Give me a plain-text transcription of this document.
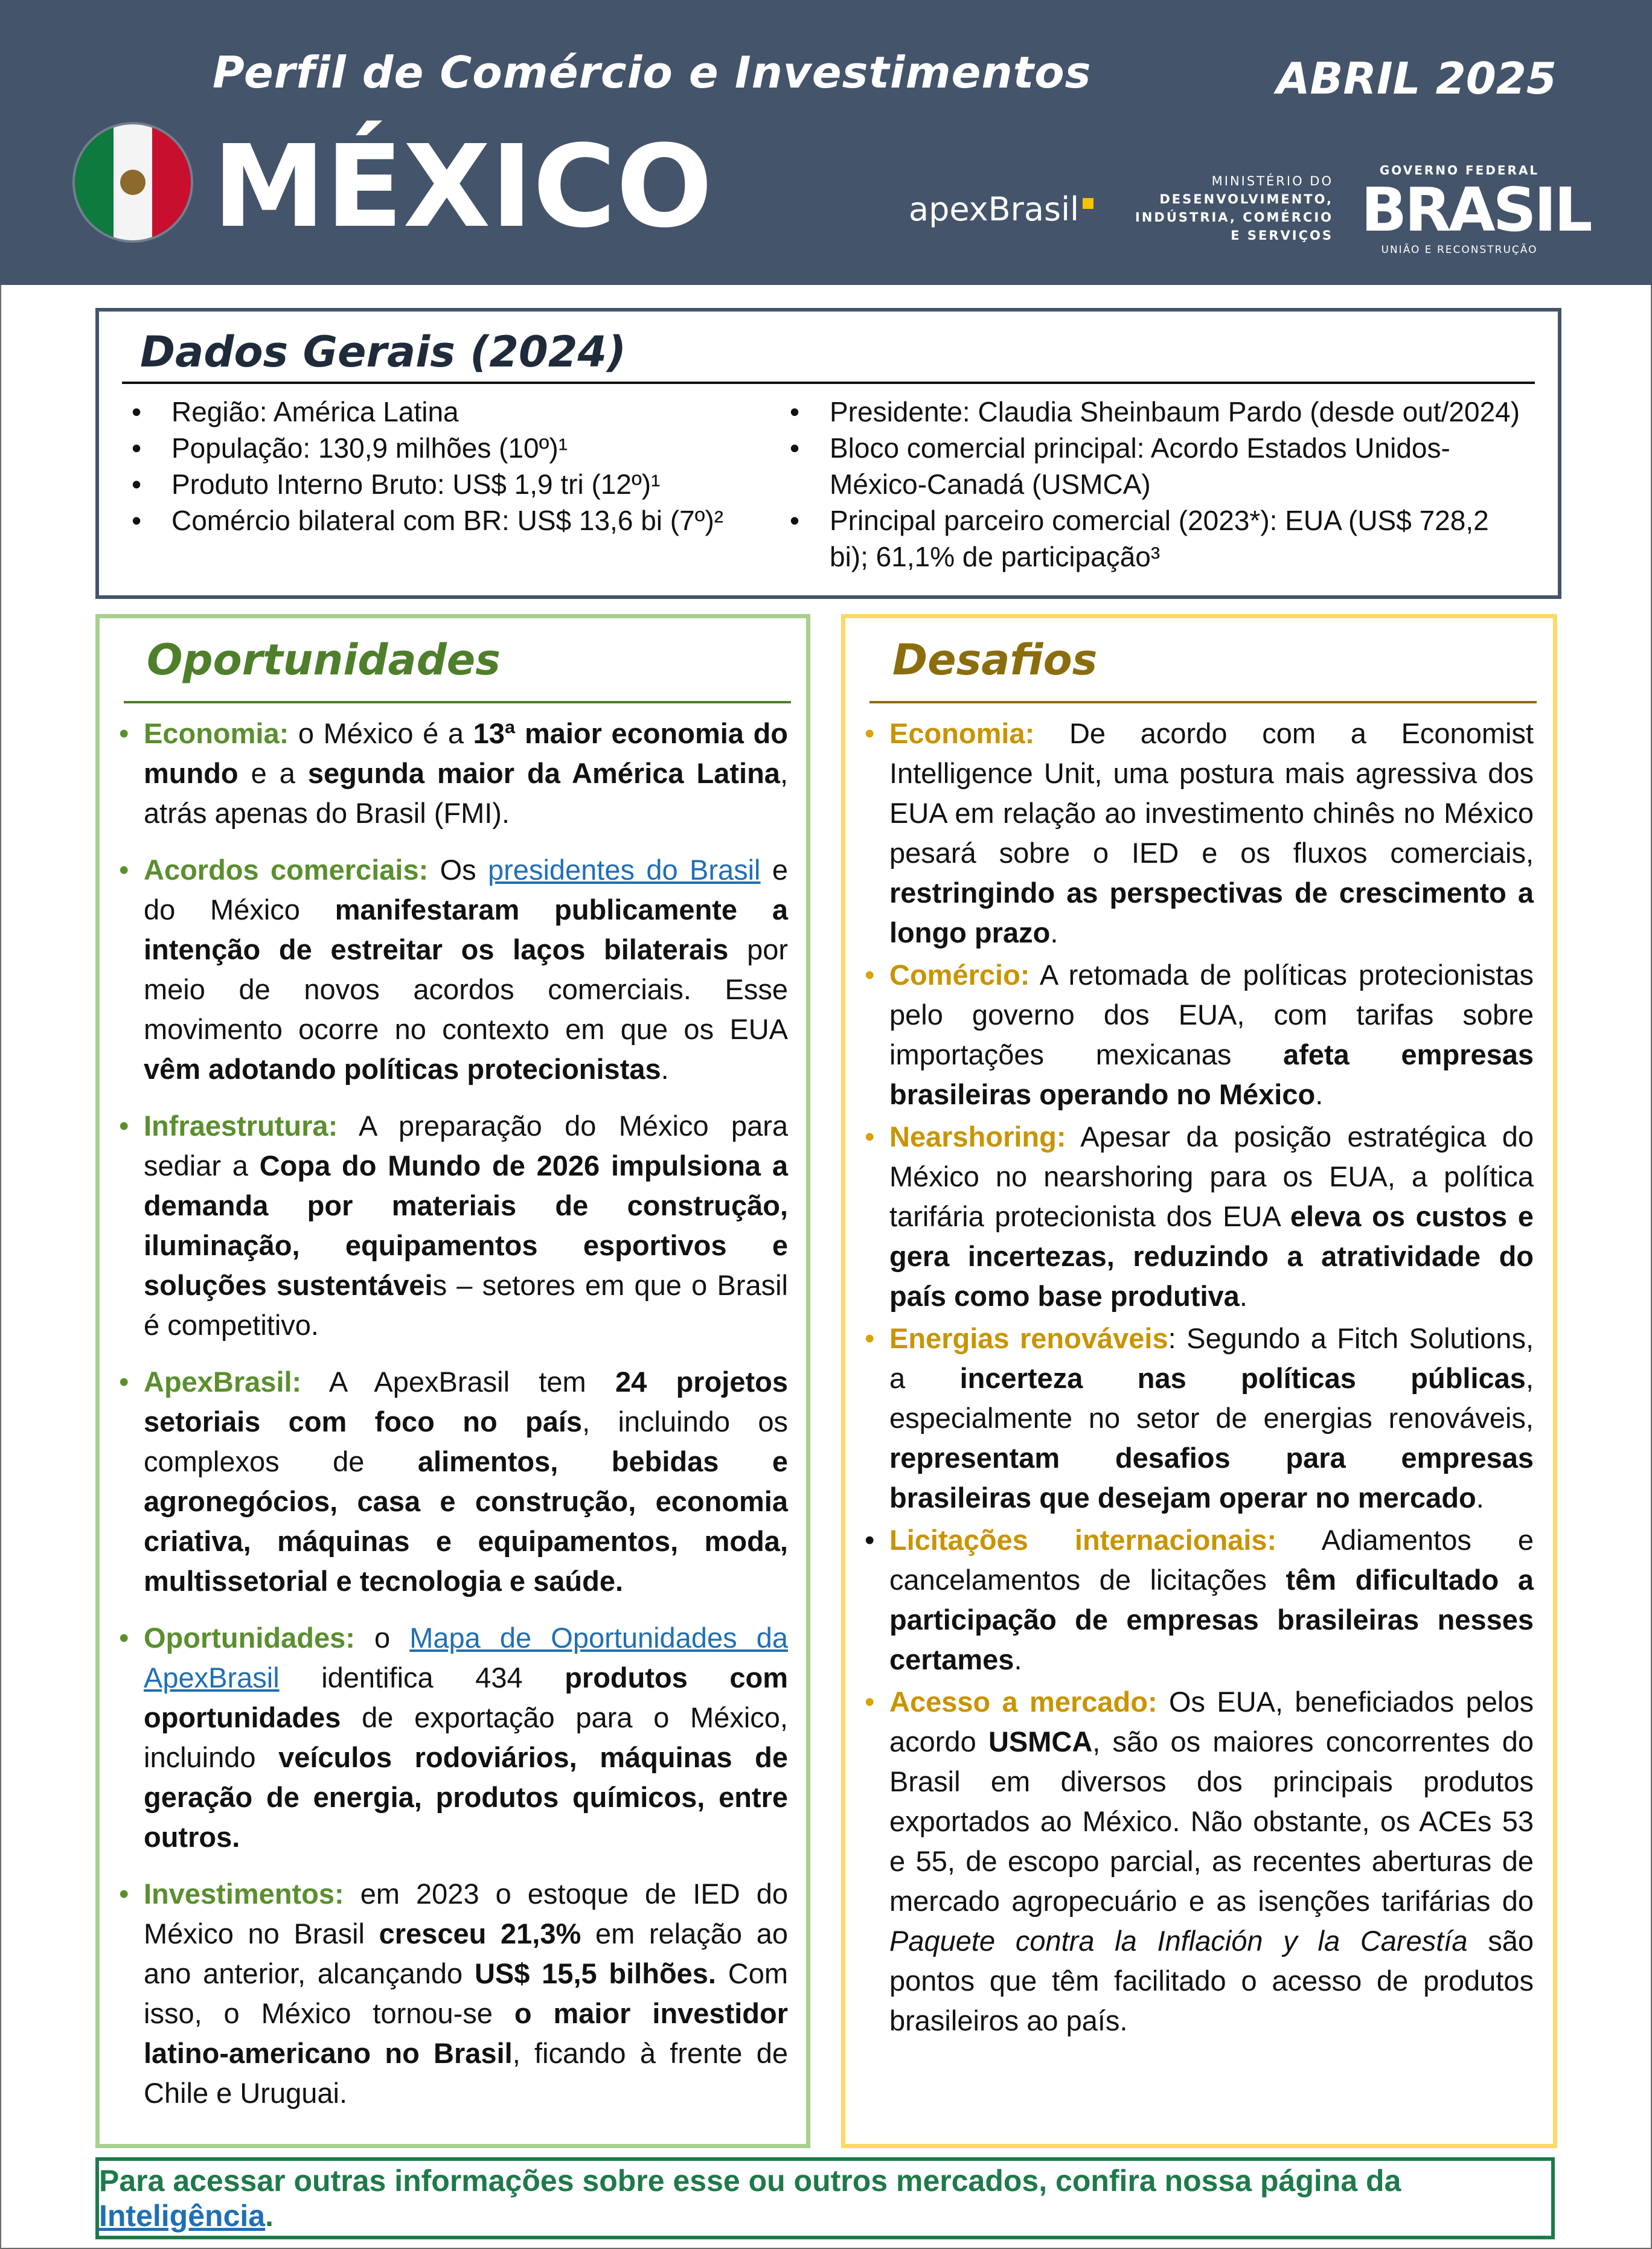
Perfil de Comércio e Investimentos	ABRIL 2025
MÉXICO	apexBrasil
MINISTÉRIO DO
DESENVOLVIMENTO,
INDÚSTRIA, COMÉRCIO
E SERVIÇOS
GOVERNO FEDERAL
BRASIL
UNIÃO E RECONSTRUÇÃO
Dados Gerais (2024)
• Região: América Latina
• População: 130,9 milhões (10º)¹
• Produto Interno Bruto: US$ 1,9 tri (12º)¹
• Comércio bilateral com BR: US$ 13,6 bi (7º)²
• Presidente: Claudia Sheinbaum Pardo (desde out/2024)
• Bloco comercial principal: Acordo Estados Unidos-México-Canadá (USMCA)
• Principal parceiro comercial (2023*): EUA (US$ 728,2 bi); 61,1% de participação³
Oportunidades
• Economia: o México é a 13ª maior economia do mundo e a segunda maior da América Latina, atrás apenas do Brasil (FMI).
• Acordos comerciais: Os presidentes do Brasil e do México manifestaram publicamente a intenção de estreitar os laços bilaterais por meio de novos acordos comerciais. Esse movimento ocorre no contexto em que os EUA vêm adotando políticas protecionistas.
• Infraestrutura: A preparação do México para sediar a Copa do Mundo de 2026 impulsiona a demanda por materiais de construção, iluminação, equipamentos esportivos e soluções sustentáveis – setores em que o Brasil é competitivo.
• ApexBrasil: A ApexBrasil tem 24 projetos setoriais com foco no país, incluindo os complexos de alimentos, bebidas e agronegócios, casa e construção, economia criativa, máquinas e equipamentos, moda, multissetorial e tecnologia e saúde.
• Oportunidades: o Mapa de Oportunidades da ApexBrasil identifica 434 produtos com oportunidades de exportação para o México, incluindo veículos rodoviários, máquinas de geração de energia, produtos químicos, entre outros.
• Investimentos: em 2023 o estoque de IED do México no Brasil cresceu 21,3% em relação ao ano anterior, alcançando US$ 15,5 bilhões. Com isso, o México tornou-se o maior investidor latino-americano no Brasil, ficando à frente de Chile e Uruguai.
Desafios
• Economia: De acordo com a Economist Intelligence Unit, uma postura mais agressiva dos EUA em relação ao investimento chinês no México pesará sobre o IED e os fluxos comerciais, restringindo as perspectivas de crescimento a longo prazo.
• Comércio: A retomada de políticas protecionistas pelo governo dos EUA, com tarifas sobre importações mexicanas afeta empresas brasileiras operando no México.
• Nearshoring: Apesar da posição estratégica do México no nearshoring para os EUA, a política tarifária protecionista dos EUA eleva os custos e gera incertezas, reduzindo a atratividade do país como base produtiva.
• Energias renováveis: Segundo a Fitch Solutions, a incerteza nas políticas públicas, especialmente no setor de energias renováveis, representam desafios para empresas brasileiras que desejam operar no mercado.
• Licitações internacionais: Adiamentos e cancelamentos de licitações têm dificultado a participação de empresas brasileiras nesses certames.
• Acesso a mercado: Os EUA, beneficiados pelos acordo USMCA, são os maiores concorrentes do Brasil em diversos dos principais produtos exportados ao México. Não obstante, os ACEs 53 e 55, de escopo parcial, as recentes aberturas de mercado agropecuário e as isenções tarifárias do Paquete contra la Inflación y la Carestía são pontos que têm facilitado o acesso de produtos brasileiros ao país.
Para acessar outras informações sobre esse ou outros mercados, confira nossa página da Inteligência.
